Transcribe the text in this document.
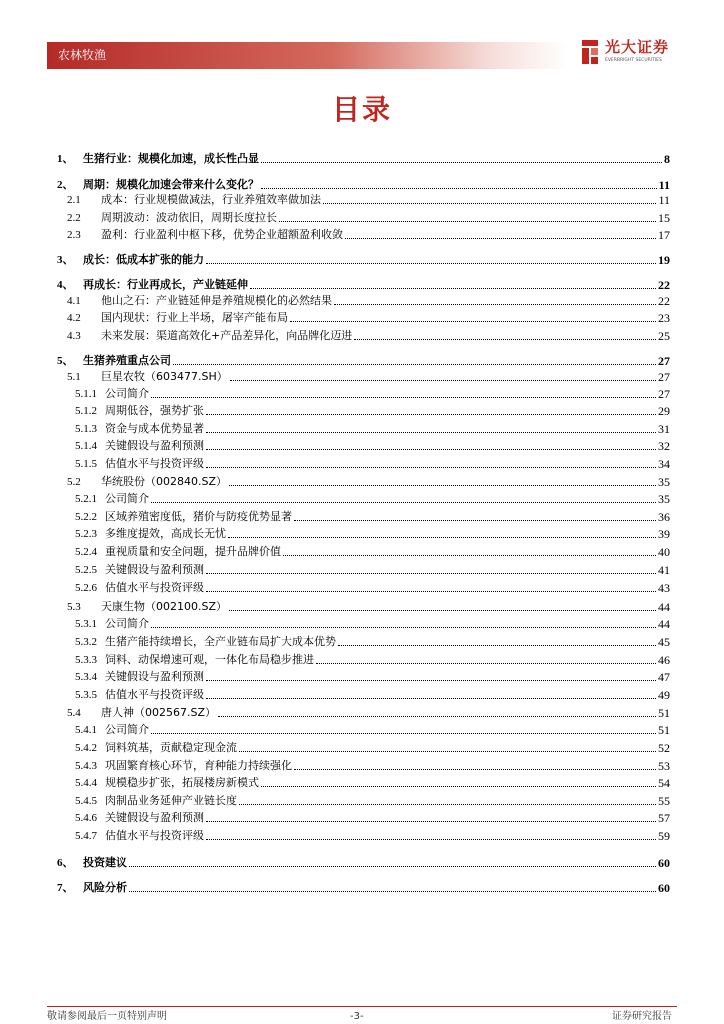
农林牧渔	光大证券
EVERBRIGHT SECURITIES
目录
1、 生猪行业：规模化加速，成长性凸显	8
2、 周期：规模化加速会带来什么变化？	11
2.1	成本：行业规模做减法，行业养殖效率做加法	11
2.2	周期波动：波动依旧，周期长度拉长	15
2.3	盈利：行业盈利中枢下移，优势企业超额盈利收敛	17
3、 成长：低成本扩张的能力	19
4、 再成长：行业再成长，产业链延伸	22
4.1	他山之石：产业链延伸是养殖规模化的必然结果	22
4.2	国内现状：行业上半场，屠宰产能布局	23
4.3	未来发展：渠道高效化+产品差异化，向品牌化迈进	25
5、 生猪养殖重点公司	27
5.1	巨星农牧（603477.SH）	27
5.1.1 公司简介	27
5.1.2 周期低谷，强势扩张	29
5.1.3 资金与成本优势显著	31
5.1.4 关键假设与盈利预测	32
5.1.5 估值水平与投资评级	34
5.2	华统股份（002840.SZ）	35
5.2.1 公司简介	35
5.2.2 区域养殖密度低，猪价与防疫优势显著	36
5.2.3 多维度提效，高成长无忧	39
5.2.4 重视质量和安全问题，提升品牌价值	40
5.2.5 关键假设与盈利预测	41
5.2.6 估值水平与投资评级	43
5.3	天康生物（002100.SZ）	44
5.3.1 公司简介	44
5.3.2 生猪产能持续增长，全产业链布局扩大成本优势	45
5.3.3 饲料、动保增速可观，一体化布局稳步推进	46
5.3.4 关键假设与盈利预测	47
5.3.5 估值水平与投资评级	49
5.4	唐人神（002567.SZ）	51
5.4.1 公司简介	51
5.4.2 饲料筑基，贡献稳定现金流	52
5.4.3 巩固繁育核心环节，育种能力持续强化	53
5.4.4 规模稳步扩张，拓展楼房新模式	54
5.4.5 肉制品业务延伸产业链长度	55
5.4.6 关键假设与盈利预测	57
5.4.7 估值水平与投资评级	59
6、 投资建议	60
7、 风险分析	60
敬请参阅最后一页特别声明	-3-	证券研究报告
